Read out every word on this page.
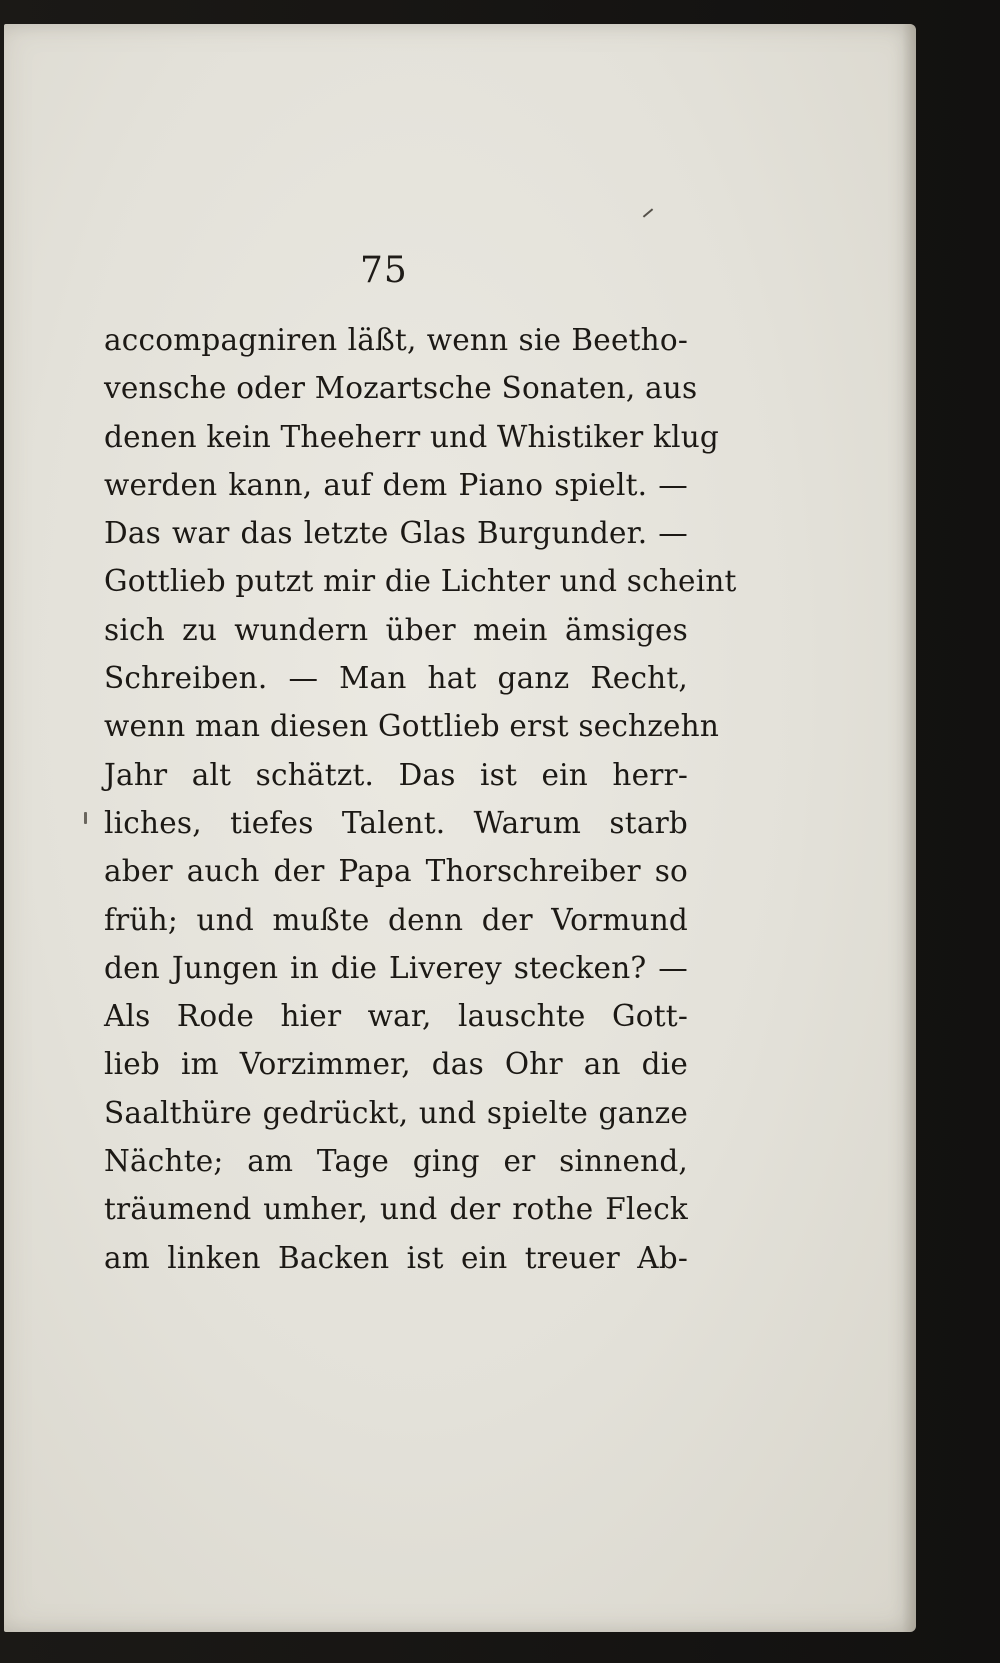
75
accompagniren läßt, wenn sie Beetho-
vensche oder Mozartsche Sonaten, aus
denen kein Theeherr und Whistiker klug
werden kann, auf dem Piano spielt. —
Das war das letzte Glas Burgunder. —
Gottlieb putzt mir die Lichter und scheint
sich zu wundern über mein ämsiges
Schreiben. — Man hat ganz Recht,
wenn man diesen Gottlieb erst sechzehn
Jahr alt schätzt. Das ist ein herr-
liches, tiefes Talent. Warum starb
aber auch der Papa Thorschreiber so
früh; und mußte denn der Vormund
den Jungen in die Liverey stecken? —
Als Rode hier war, lauschte Gott-
lieb im Vorzimmer, das Ohr an die
Saalthüre gedrückt, und spielte ganze
Nächte; am Tage ging er sinnend,
träumend umher, und der rothe Fleck
am linken Backen ist ein treuer Ab-
